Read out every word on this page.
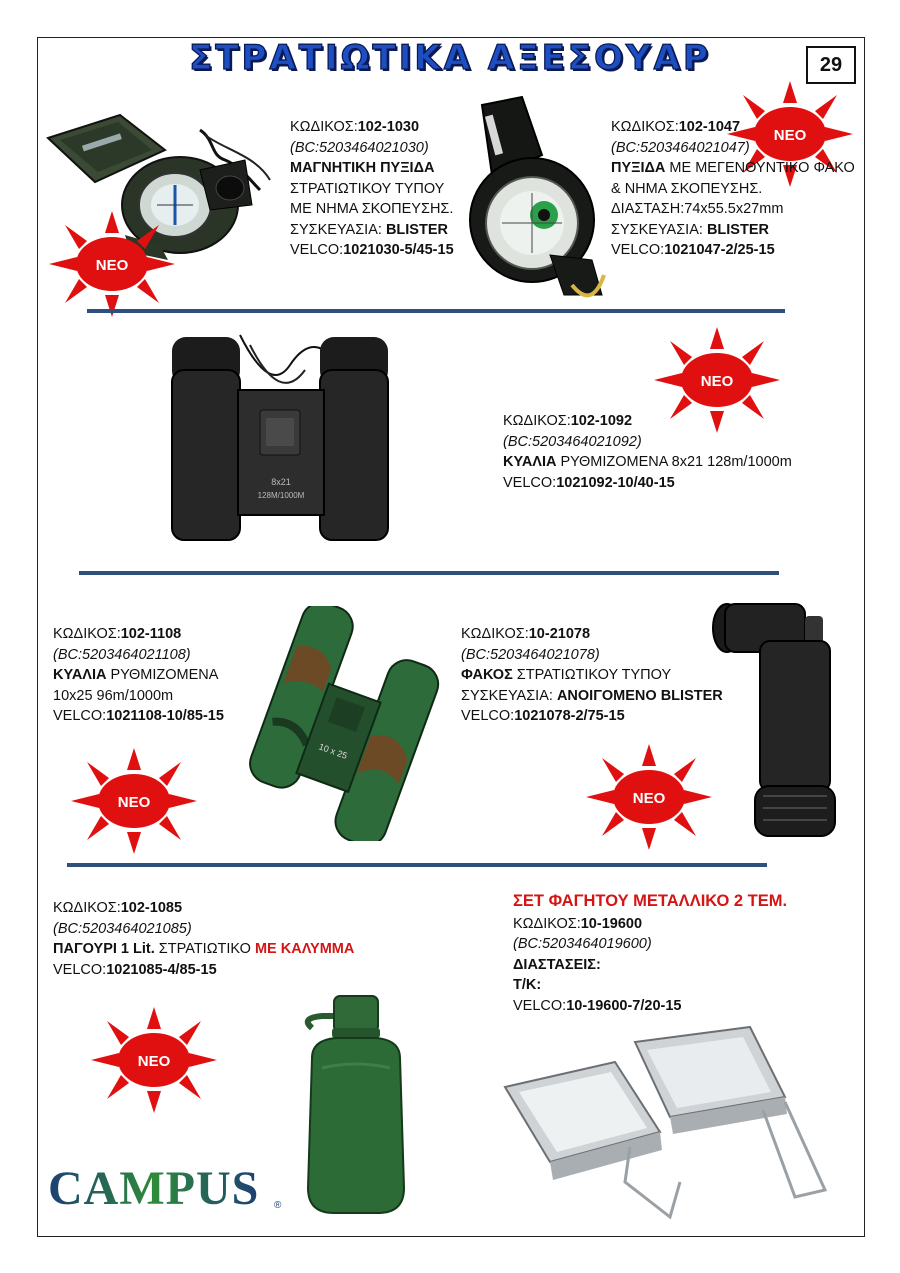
ΣΤΡΑΤΙΩΤΙΚΑ ΑΞΕΣΟΥΑΡ	29
ΝΕΟ
ΚΩΔΙΚΟΣ:102-1030
(BC:5203464021030)
ΜΑΓΝΗΤΙΚΗ ΠΥΞΙΔΑ
ΣΤΡΑΤΙΩΤΙΚΟΥ ΤΥΠΟΥ
ΜΕ ΝΗΜΑ ΣΚΟΠΕΥΣΗΣ.
ΣΥΣΚΕΥΑΣΙΑ: BLISTER
VELCO:1021030-5/45-15
ΝΕΟ
ΚΩΔΙΚΟΣ:102-1047
(BC:5203464021047)
ΠΥΞΙΔΑ ΜΕ ΜΕΓΕΝΘΥΝΤΙΚΟ ΦΑΚΟ
& ΝΗΜΑ ΣΚΟΠΕΥΣΗΣ.
ΔΙΑΣΤΑΣΗ:74x55.5x27mm
ΣΥΣΚΕΥΑΣΙΑ: BLISTER
VELCO:1021047-2/25-15
8x21
128M/1000M
ΝΕΟ
ΚΩΔΙΚΟΣ:102-1092
(BC:5203464021092)
ΚΥΑΛΙΑ ΡΥΘΜΙΖΟΜΕΝΑ 8x21 128m/1000m
VELCO:1021092-10/40-15
ΚΩΔΙΚΟΣ:102-1108
(BC:5203464021108)
ΚΥΑΛΙΑ ΡΥΘΜΙΖΟΜΕΝΑ
10x25 96m/1000m
VELCO:1021108-10/85-15
ΝΕΟ
10 x 25
ΚΩΔΙΚΟΣ:10-21078
(BC:5203464021078)
ΦΑΚΟΣ ΣΤΡΑΤΙΩΤΙΚΟΥ ΤΥΠΟΥ
ΣΥΣΚΕΥΑΣΙΑ: ΑΝΟΙΓΟΜΕΝΟ BLISTER
VELCO:1021078-2/75-15
ΝΕΟ
ΚΩΔΙΚΟΣ:102-1085
(BC:5203464021085)
ΠΑΓΟΥΡΙ 1 Lit. ΣΤΡΑΤΙΩΤΙΚΟ ΜΕ ΚΑΛΥΜΜΑ
VELCO:1021085-4/85-15
ΝΕΟ
ΣΕΤ ΦΑΓΗΤΟΥ ΜΕΤΑΛΛΙΚΟ 2 ΤΕΜ.
ΚΩΔΙΚΟΣ:10-19600
(BC:5203464019600)
ΔΙΑΣΤΑΣΕΙΣ:
Τ/Κ:
VELCO:10-19600-7/20-15
CAMPUS ®
